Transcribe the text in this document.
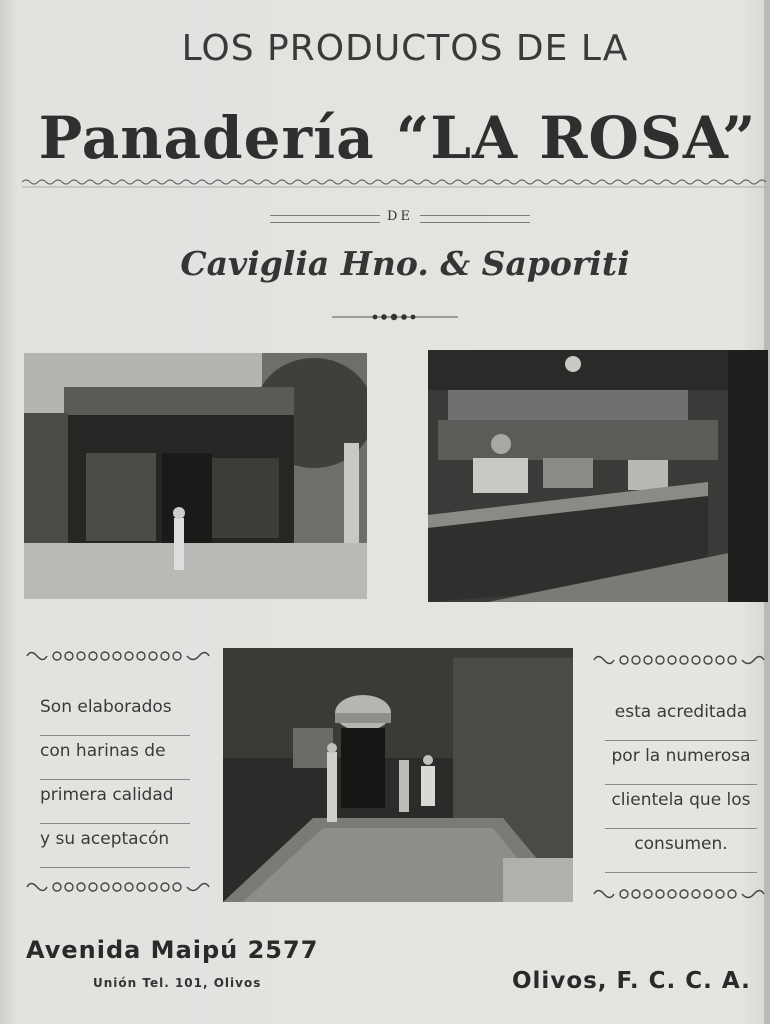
LOS PRODUCTOS DE LA
Panadería “LA ROSA”
DE
Caviglia Hno. & Saporiti
Son elaborados
con harinas de
primera calidad
y su aceptacón
esta acreditada
por la numerosa
clientela que los
consumen.
Avenida Maipú 2577
Unión Tel. 101, Olivos	Olivos, F. C. C. A.
